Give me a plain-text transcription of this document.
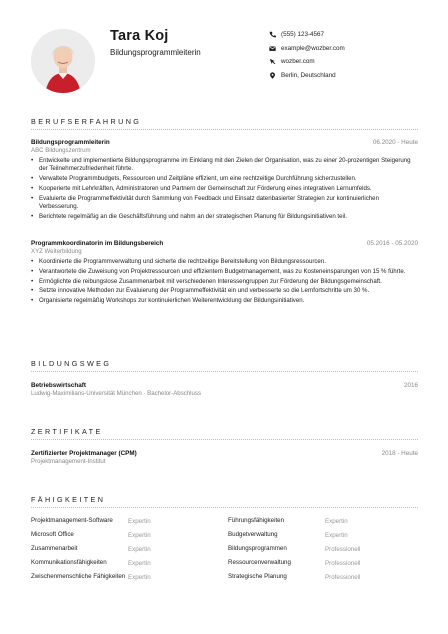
Tara Koj
Bildungsprogrammleiterin
(555) 123-4567
example@wozber.com
wozber.com
Berlin, Deutschland
BERUFSERFAHRUNG
Bildungsprogrammleiterin	06.2020 - Heute
ABC Bildungszentrum
• Entwickelte und implementierte Bildungsprogramme im Einklang mit den Zielen der Organisation, was zu einer 20-prozentigen Steigerung der Teilnehmerzufriedenheit führte.
• Verwaltete Programmbudgets, Ressourcen und Zeitpläne effizient, um eine rechtzeitige Durchführung sicherzustellen.
• Kooperierte mit Lehrkräften, Administratoren und Partnern der Gemeinschaft zur Förderung eines integrativen Lernumfelds.
• Evaluierte die Programmeffektivität durch Sammlung von Feedback und Einsatz datenbasierter Strategien zur kontinuierlichen Verbesserung.
• Berichtete regelmäßig an die Geschäftsführung und nahm an der strategischen Planung für Bildungsinitiativen teil.
Programmkoordinatorin im Bildungsbereich	05.2016 - 05.2020
XYZ Weiterbildung
• Koordinierte die Programmverwaltung und sicherte die rechtzeitige Bereitstellung von Bildungsressourcen.
• Verantwortete die Zuweisung von Projektressourcen und effizientem Budgetmanagement, was zu Kosteneinsparungen von 15 % führte.
• Ermöglichte die reibungslose Zusammenarbeit mit verschiedenen Interessengruppen zur Förderung der Bildungsgemeinschaft.
• Setzte innovative Methoden zur Evaluierung der Programmeffektivität ein und verbesserte so die Lernfortschritte um 30 %.
• Organisierte regelmäßig Workshops zur kontinuierlichen Weiterentwicklung der Bildungsinitiativen.
BILDUNGSWEG
Betriebswirtschaft	2016
Ludwig-Maximilians-Universität München · Bachelor-Abschluss
ZERTIFIKATE
Zertifizierter Projektmanager (CPM)	2018 - Heute
Projektmanagement-Institut
FÄHIGKEITEN
Projektmanagement-Software	Expertin
Microsoft Office	Expertin
Zusammenarbeit	Expertin
Kommunikationsfähigkeiten	Expertin
Zwischenmenschliche Fähigkeiten Expertin
Führungsfähigkeiten	Expertin
Budgetverwaltung	Expertin
Bildungsprogrammen	Professionell
Ressourcenverwaltung	Professionell
Strategische Planung	Professionell
